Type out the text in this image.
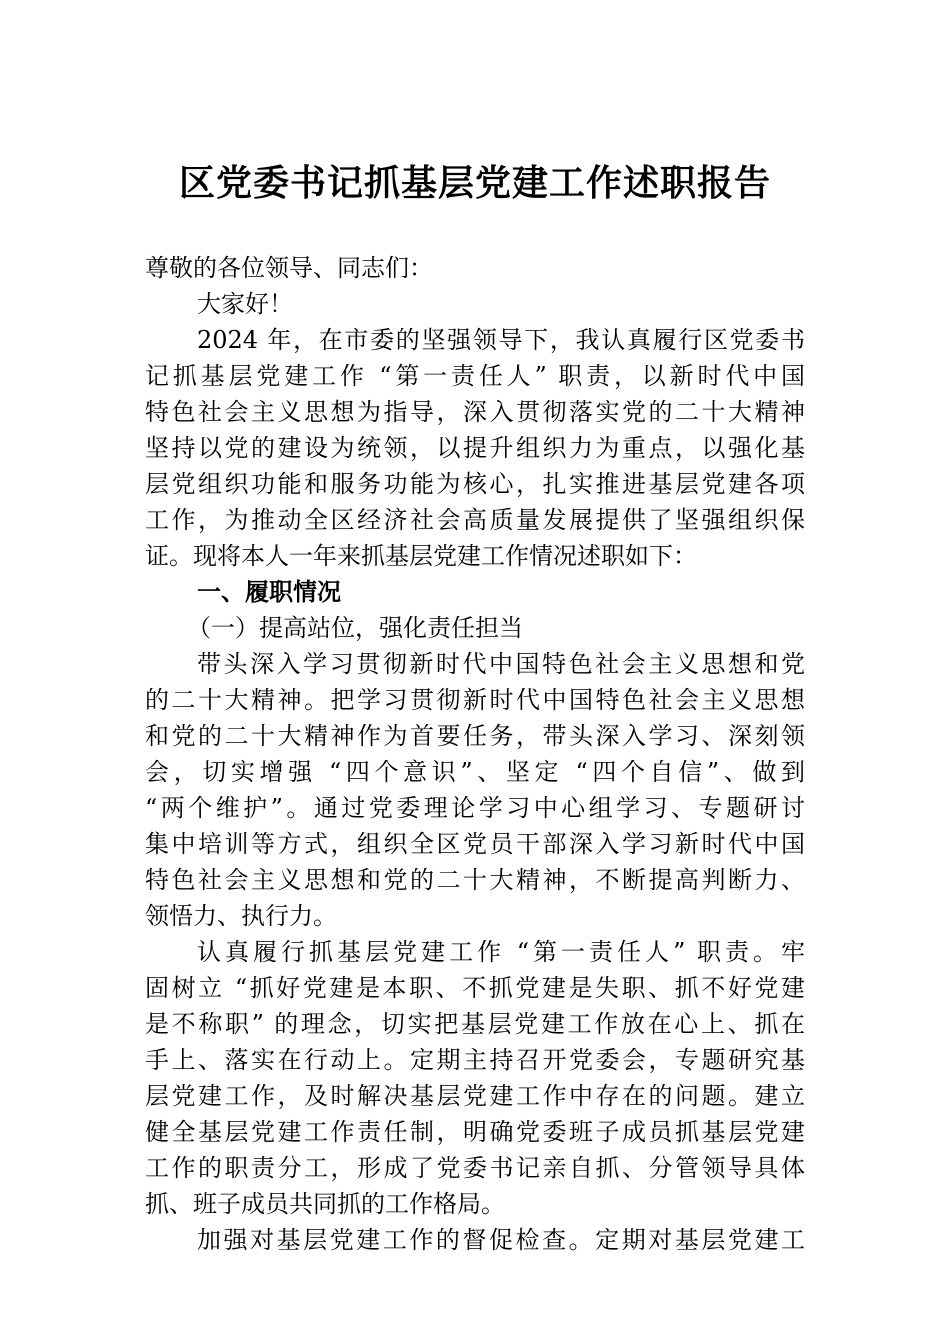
区党委书记抓基层党建工作述职报告
尊敬的各位领导、同志们：
大家好！
2024 年，在市委的坚强领导下，我认真履行区党委书
记抓基层党建工作 “第一责任人” 职责，以新时代中国
特色社会主义思想为指导，深入贯彻落实党的二十大精神
坚持以党的建设为统领，以提升组织力为重点，以强化基
层党组织功能和服务功能为核心，扎实推进基层党建各项
工作，为推动全区经济社会高质量发展提供了坚强组织保
证。现将本人一年来抓基层党建工作情况述职如下：
一、履职情况
（一）提高站位，强化责任担当
带头深入学习贯彻新时代中国特色社会主义思想和党
的二十大精神。把学习贯彻新时代中国特色社会主义思想
和党的二十大精神作为首要任务，带头深入学习、深刻领
会，切实增强 “四个意识”、坚定 “四个自信”、做到
“两个维护”。通过党委理论学习中心组学习、专题研讨
集中培训等方式，组织全区党员干部深入学习新时代中国
特色社会主义思想和党的二十大精神，不断提高判断力、
领悟力、执行力。
认真履行抓基层党建工作 “第一责任人” 职责。牢
固树立 “抓好党建是本职、不抓党建是失职、抓不好党建
是不称职” 的理念，切实把基层党建工作放在心上、抓在
手上、落实在行动上。定期主持召开党委会，专题研究基
层党建工作，及时解决基层党建工作中存在的问题。建立
健全基层党建工作责任制，明确党委班子成员抓基层党建
工作的职责分工，形成了党委书记亲自抓、分管领导具体
抓、班子成员共同抓的工作格局。
加强对基层党建工作的督促检查。定期对基层党建工
